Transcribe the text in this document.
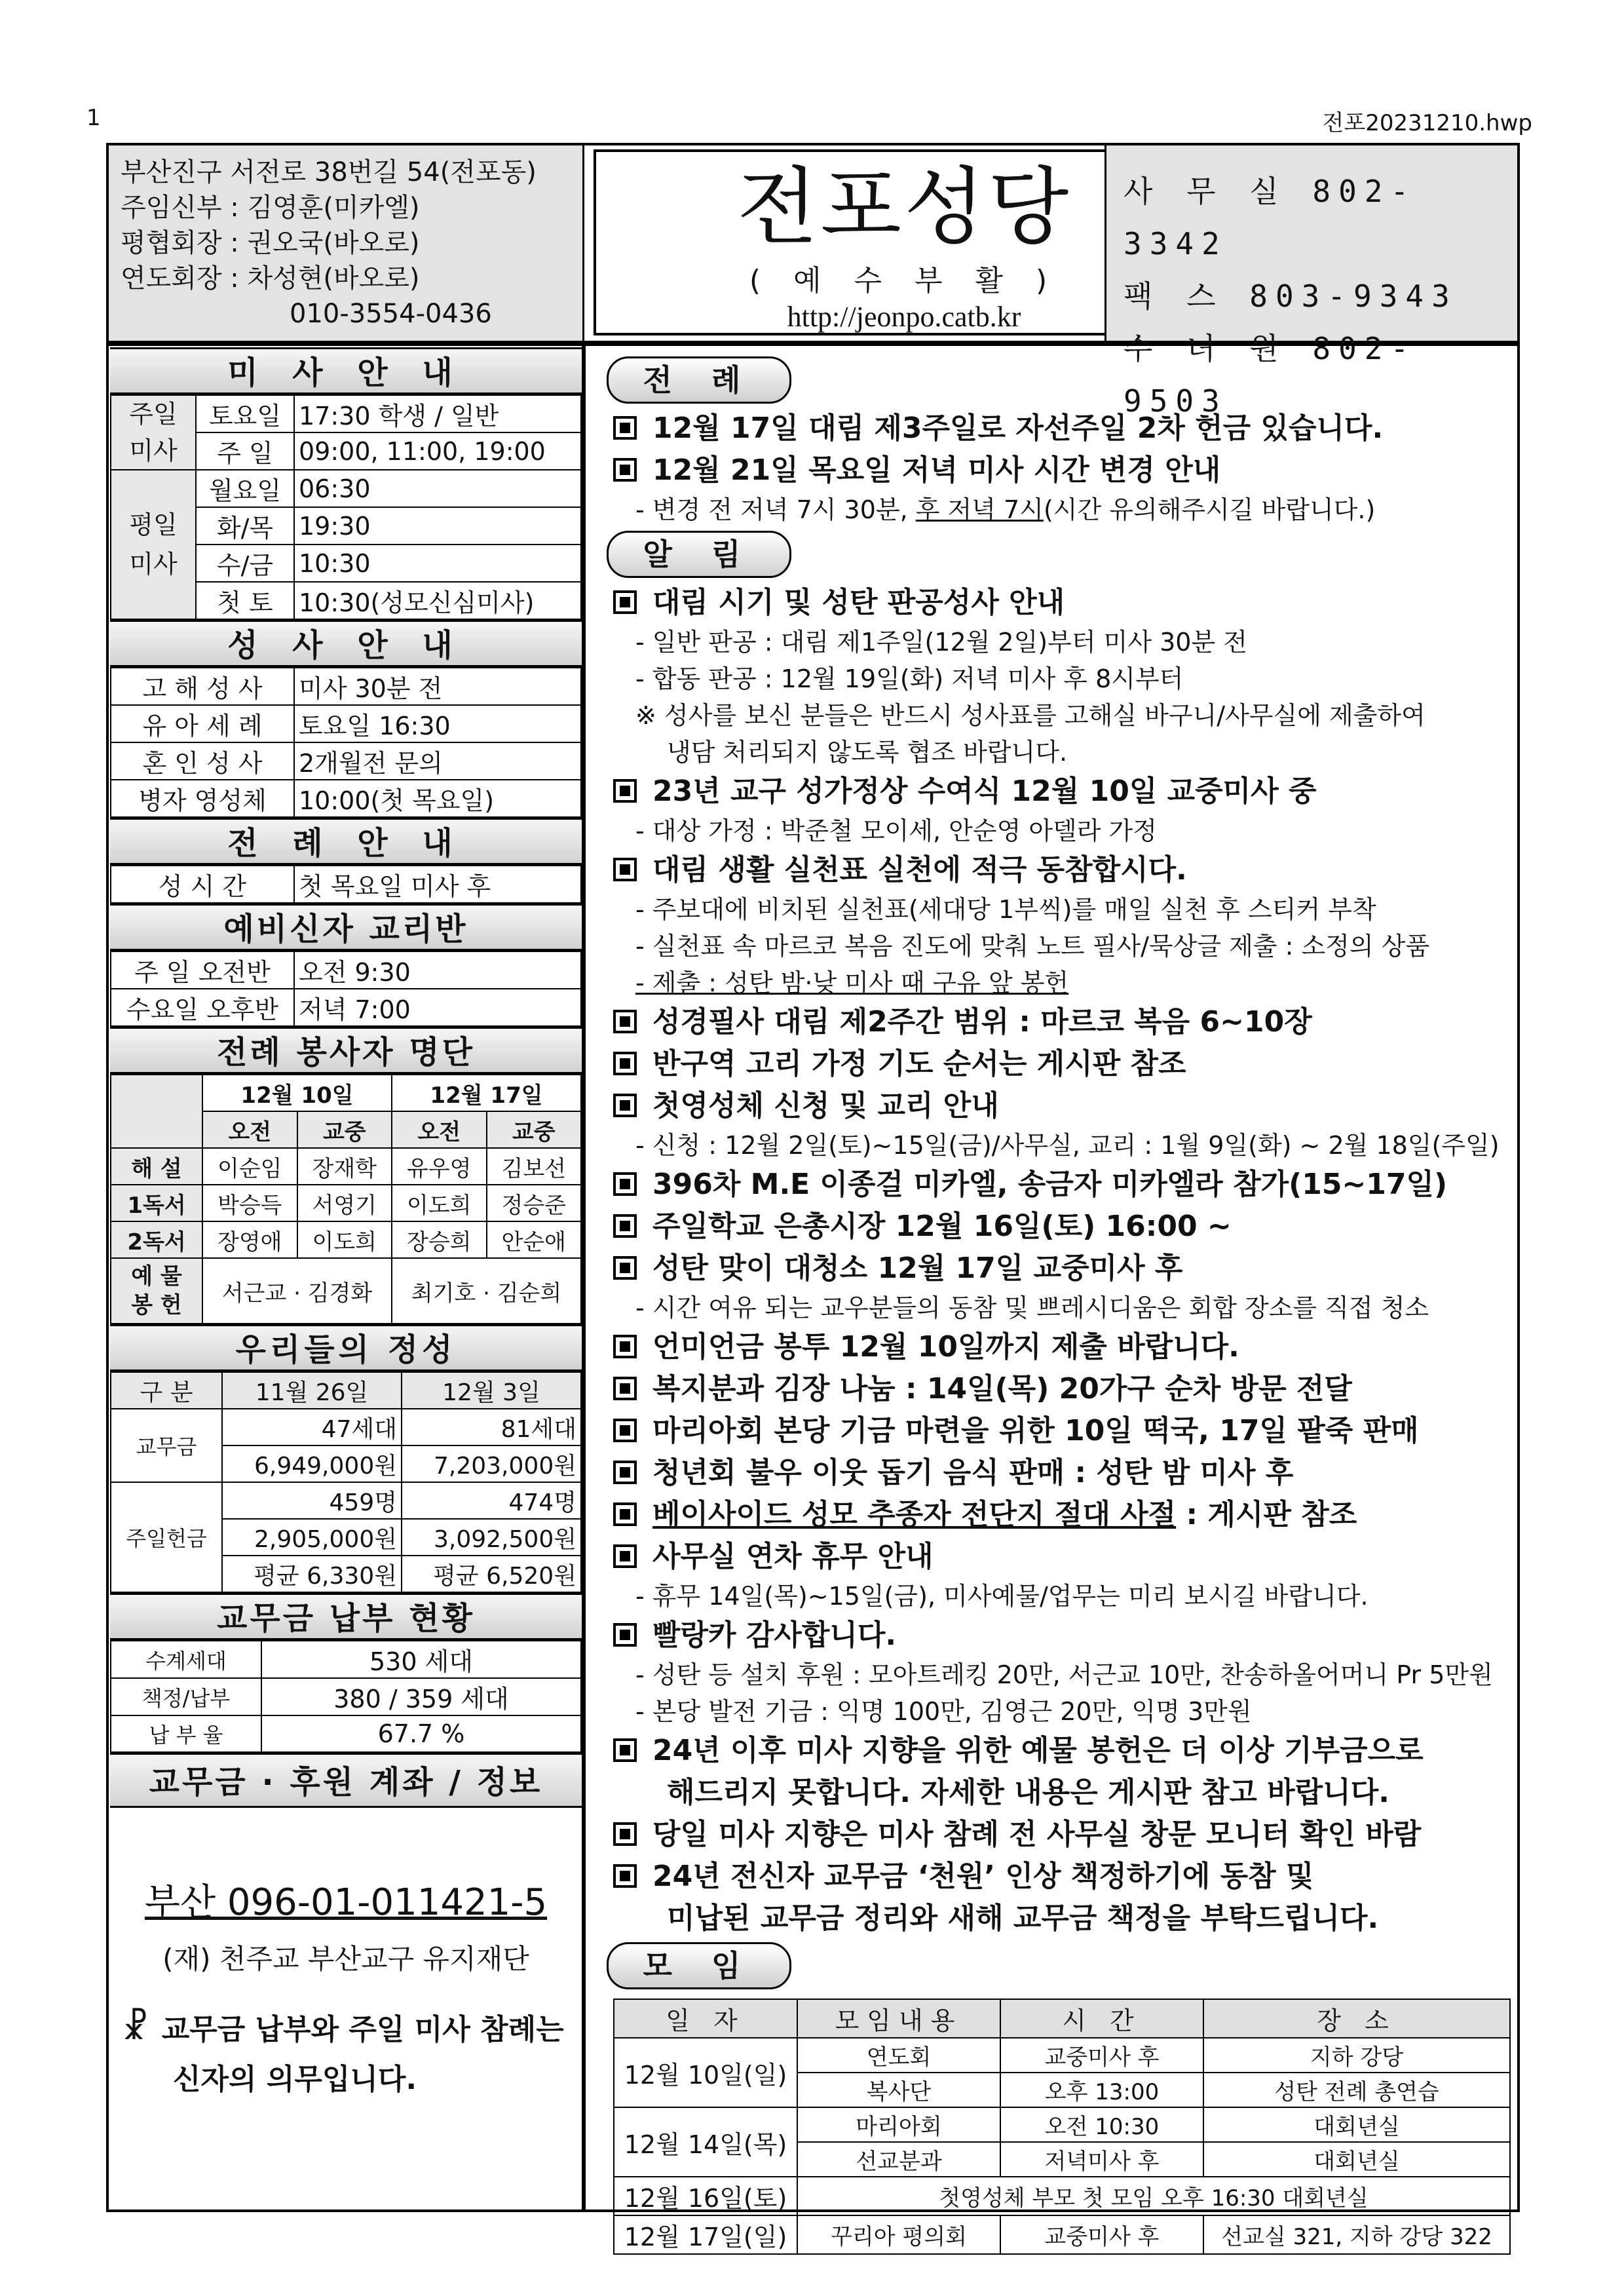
1	전포20231210.hwp
부산진구 서전로 38번길 54(전포동)
주임신부 : 김영훈(미카엘)
평협회장 : 권오국(바오로)
연도회장 : 차성현(바오로)
010-3554-0436
전포성당
( 예 수 부 활 )
http://jeonpo.catb.kr
사 무 실 802-3342
팩 스 803-9343
수 녀 원 802-9503
미 사 안 내
주일
미사	토요일	17:30 학생 / 일반
	주 일	09:00, 11:00, 19:00
평일
미사	월요일	06:30
	화/목	19:30
	수/금	10:30
	첫 토	10:30(성모신심미사)
성 사 안 내
고 해 성 사	미사 30분 전
유 아 세 례	토요일 16:30
혼 인 성 사	2개월전 문의
병자 영성체	10:00(첫 목요일)
전 례 안 내
성 시 간	첫 목요일 미사 후
예비신자 교리반
주 일 오전반	오전 9:30
수요일 오후반	저녁 7:00
전례 봉사자 명단
	12월 10일		12월 17일	
	오전	교중	오전	교중
해 설	이순임	장재학	유우영	김보선
1독서	박승득	서영기	이도희	정승준
2독서	장영애	이도희	장승희	안순애
예 물
봉 헌	서근교 · 김경화		최기호 · 김순희	
우리들의 정성
구 분	11월 26일	12월 3일
교무금	47세대	81세대
	6,949,000원	7,203,000원
주일헌금	459명	474명
	2,905,000원	3,092,500원
	평균 6,330원	평균 6,520원
교무금 납부 현황
수계세대	530 세대
책정/납부	380 / 359 세대
납 부 율	67.7 %
교무금 · 후원 계좌 / 정보
부산 096-01-011421-5
(재) 천주교 부산교구 유지재단
☧ 교무금 납부와 주일 미사 참례는
신자의 의무입니다.
전 례
12월 17일 대림 제3주일로 자선주일 2차 헌금 있습니다.
12월 21일 목요일 저녁 미사 시간 변경 안내
- 변경 전 저녁 7시 30분, 후 저녁 7시(시간 유의해주시길 바랍니다.)
알 림
대림 시기 및 성탄 판공성사 안내
- 일반 판공 : 대림 제1주일(12월 2일)부터 미사 30분 전
- 합동 판공 : 12월 19일(화) 저녁 미사 후 8시부터
※ 성사를 보신 분들은 반드시 성사표를 고해실 바구니/사무실에 제출하여
냉담 처리되지 않도록 협조 바랍니다.
23년 교구 성가정상 수여식 12월 10일 교중미사 중
- 대상 가정 : 박준철 모이세, 안순영 아델라 가정
대림 생활 실천표 실천에 적극 동참합시다.
- 주보대에 비치된 실천표(세대당 1부씩)를 매일 실천 후 스티커 부착
- 실천표 속 마르코 복음 진도에 맞춰 노트 필사/묵상글 제출 : 소정의 상품
- 제출 : 성탄 밤·낮 미사 때 구유 앞 봉헌
성경필사 대림 제2주간 범위 : 마르코 복음 6~10장
반구역 고리 가정 기도 순서는 게시판 참조
첫영성체 신청 및 교리 안내
- 신청 : 12월 2일(토)~15일(금)/사무실, 교리 : 1월 9일(화) ~ 2월 18일(주일)
396차 M.E 이종걸 미카엘, 송금자 미카엘라 참가(15~17일)
주일학교 은총시장 12월 16일(토) 16:00 ~
성탄 맞이 대청소 12월 17일 교중미사 후
- 시간 여유 되는 교우분들의 동참 및 쁘레시디움은 회합 장소를 직접 청소
언미언금 봉투 12월 10일까지 제출 바랍니다.
복지분과 김장 나눔 : 14일(목) 20가구 순차 방문 전달
마리아회 본당 기금 마련을 위한 10일 떡국, 17일 팥죽 판매
청년회 불우 이웃 돕기 음식 판매 : 성탄 밤 미사 후
베이사이드 성모 추종자 전단지 절대 사절 : 게시판 참조
사무실 연차 휴무 안내
- 휴무 14일(목)~15일(금), 미사예물/업무는 미리 보시길 바랍니다.
빨랑카 감사합니다.
- 성탄 등 설치 후원 : 모아트레킹 20만, 서근교 10만, 찬송하올어머니 Pr 5만원
- 본당 발전 기금 : 익명 100만, 김영근 20만, 익명 3만원
24년 이후 미사 지향을 위한 예물 봉헌은 더 이상 기부금으로
해드리지 못합니다. 자세한 내용은 게시판 참고 바랍니다.
당일 미사 지향은 미사 참례 전 사무실 창문 모니터 확인 바람
24년 전신자 교무금 ‘천원’ 인상 책정하기에 동참 및
미납된 교무금 정리와 새해 교무금 책정을 부탁드립니다.
모 임
일 자	모임내용	시 간	장 소
12월 10일(일)	연도회	교중미사 후	지하 강당
	복사단	오후 13:00	성탄 전례 총연습
12월 14일(목)	마리아회	오전 10:30	대회년실
	선교분과	저녁미사 후	대회년실
12월 16일(토)	첫영성체 부모 첫 모임 오후 16:30 대회년실		
12월 17일(일)	꾸리아 평의회	교중미사 후	선교실 321, 지하 강당 322
